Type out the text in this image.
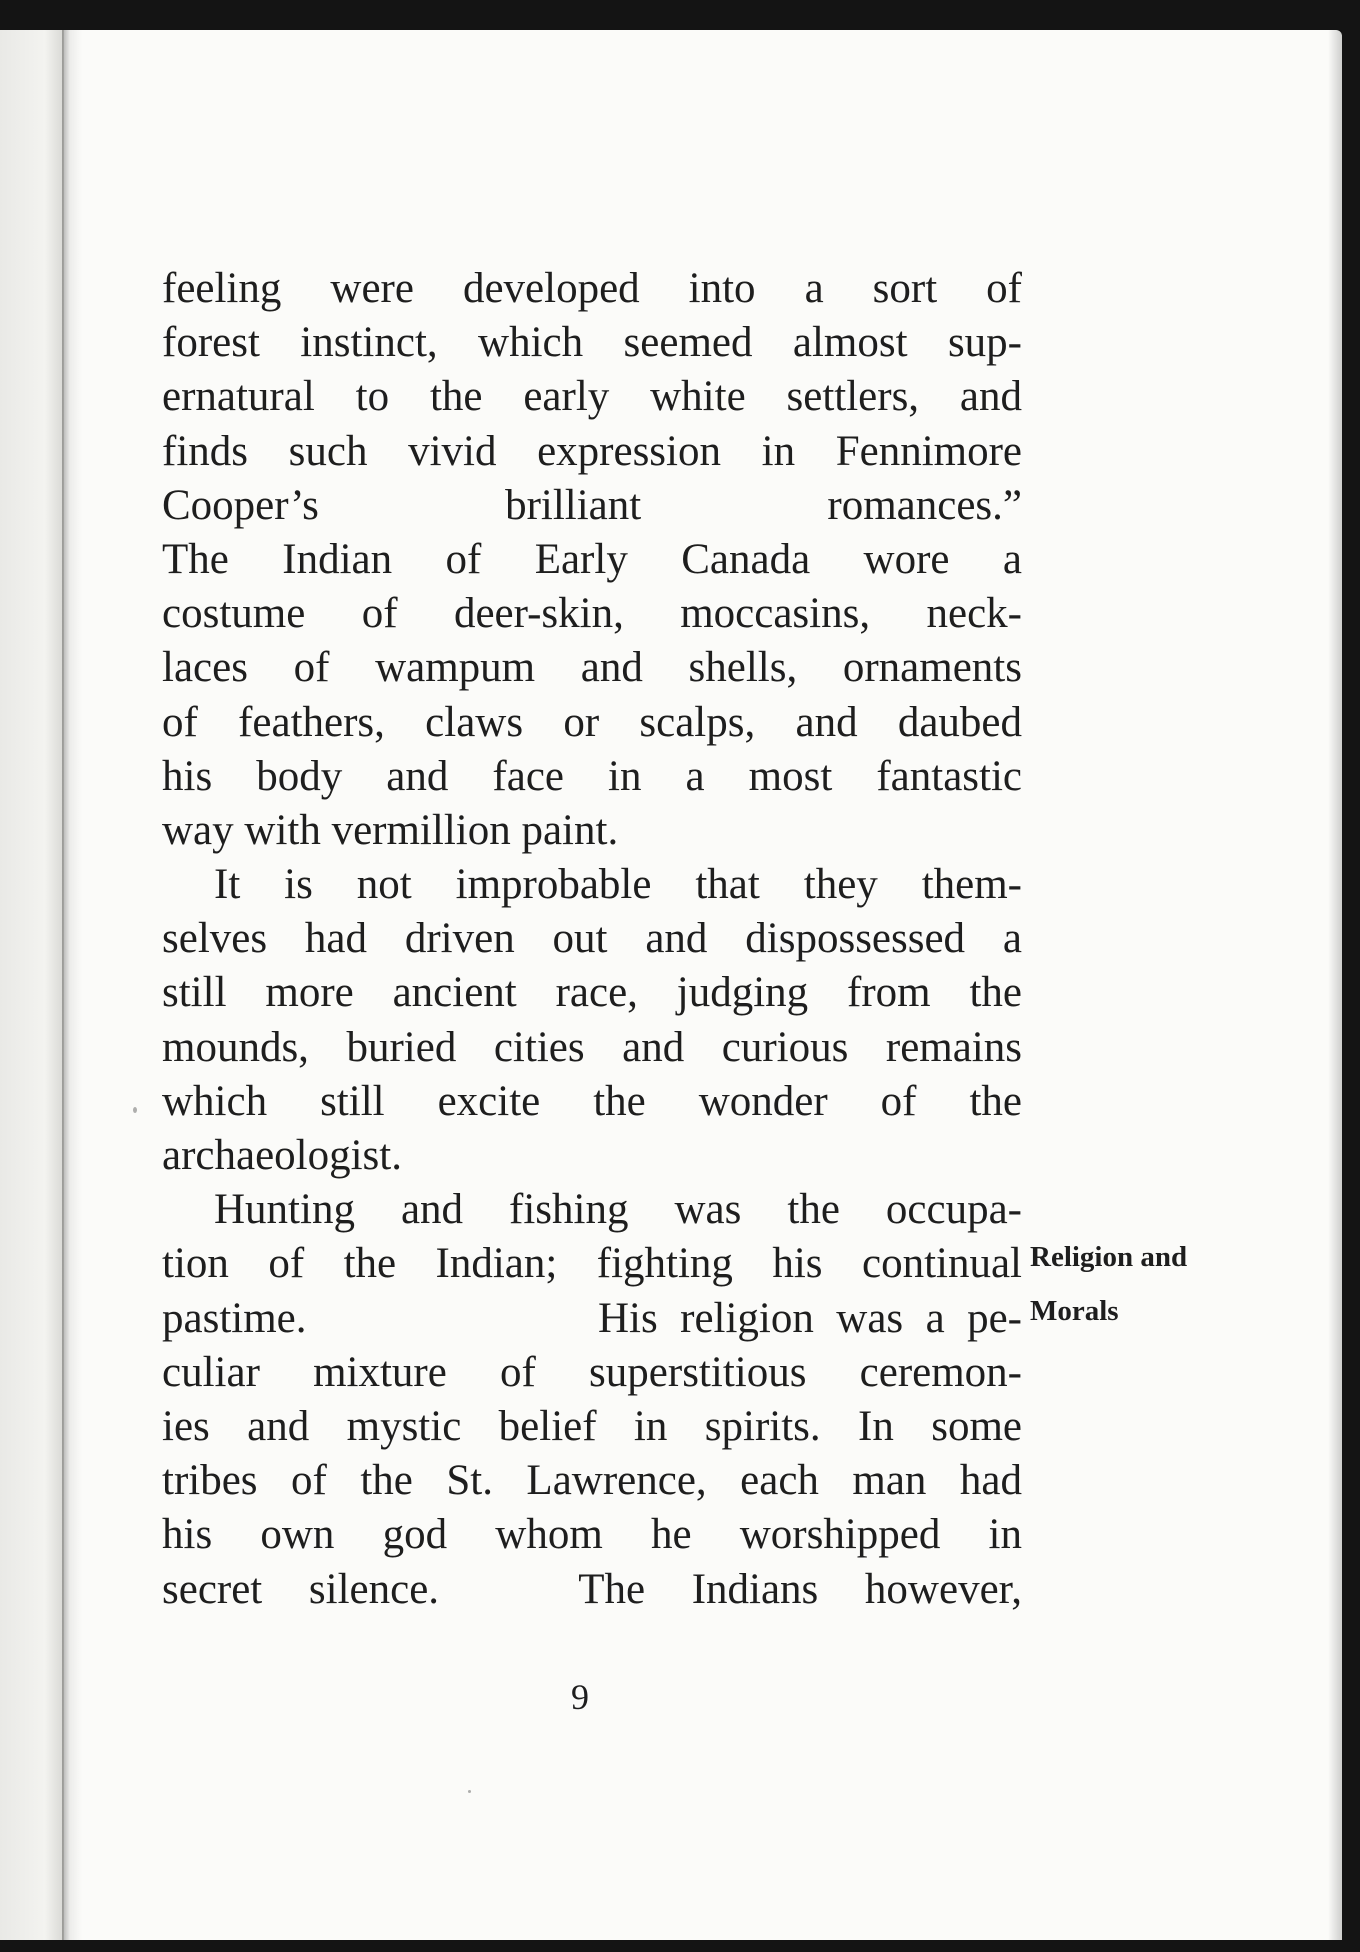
feeling were developed into a sort of
forest instinct, which seemed almost sup-
ernatural to the early white settlers, and
finds such vivid expression in Fennimore
Cooper’s brilliant romances.”
The Indian of Early Canada wore a
costume of deer-skin, moccasins, neck-
laces of wampum and shells, ornaments
of feathers, claws or scalps, and daubed
his body and face in a most fantastic
way with vermillion paint.
It is not improbable that they them-
selves had driven out and dispossessed a
still more ancient race, judging from the
mounds, buried cities and curious remains
which still excite the wonder of the
archaeologist.
Hunting and fishing was the occupa-
tion of the Indian; fighting his continual
pastime.             His religion was a pe-
culiar mixture of superstitious ceremon-
ies and mystic belief in spirits. In some
tribes of the St. Lawrence, each man had
his own god whom he worshipped in
secret silence.   The Indians however,
Religion and
Morals
9
